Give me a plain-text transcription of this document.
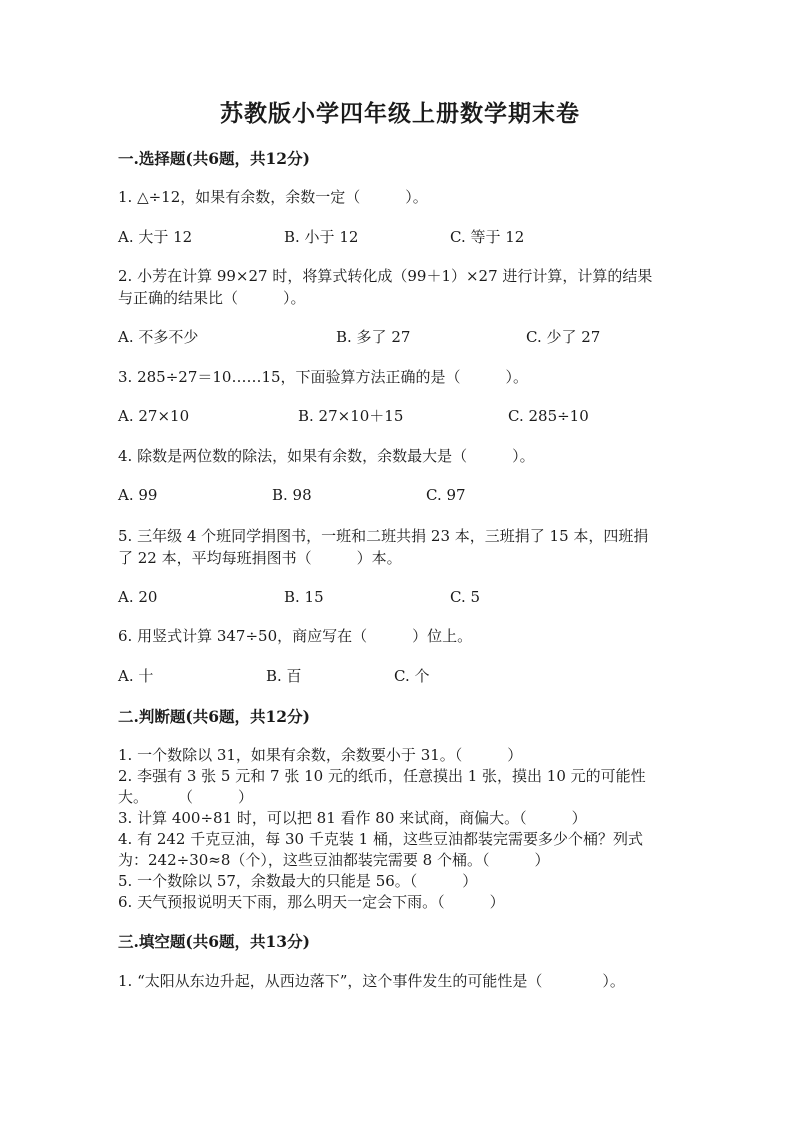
苏教版小学四年级上册数学期末卷
一.选择题(共6题，共12分)
1. △÷12，如果有余数，余数一定（　　　）。
A. 大于 12	B. 小于 12	C. 等于 12
2. 小芳在计算 99×27 时，将算式转化成（99＋1）×27 进行计算，计算的结果
与正确的结果比（　　　）。
A. 不多不少	B. 多了 27	C. 少了 27
3. 285÷27＝10……15，下面验算方法正确的是（　　　）。
A. 27×10	B. 27×10＋15	C. 285÷10
4. 除数是两位数的除法，如果有余数，余数最大是（　　　）。
A. 99	B. 98	C. 97
5. 三年级 4 个班同学捐图书，一班和二班共捐 23 本，三班捐了 15 本，四班捐
了 22 本，平均每班捐图书（　　　）本。
A. 20	B. 15	C. 5
6. 用竖式计算 347÷50，商应写在（　　　）位上。
A. 十	B. 百	C. 个
二.判断题(共6题，共12分)
1. 一个数除以 31，如果有余数，余数要小于 31。（　　　）
2. 李强有 3 张 5 元和 7 张 10 元的纸币，任意摸出 1 张，摸出 10 元的可能性
大。　　　（　　　）
3. 计算 400÷81 时，可以把 81 看作 80 来试商，商偏大。（　　　）
4. 有 242 千克豆油，每 30 千克装 1 桶，这些豆油都装完需要多少个桶？列式
为：242÷30≈8（个），这些豆油都装完需要 8 个桶。（　　　）
5. 一个数除以 57，余数最大的只能是 56。（　　　）
6. 天气预报说明天下雨，那么明天一定会下雨。（　　　）
三.填空题(共6题，共13分)
1. “太阳从东边升起，从西边落下”，这个事件发生的可能性是（　　　　）。
